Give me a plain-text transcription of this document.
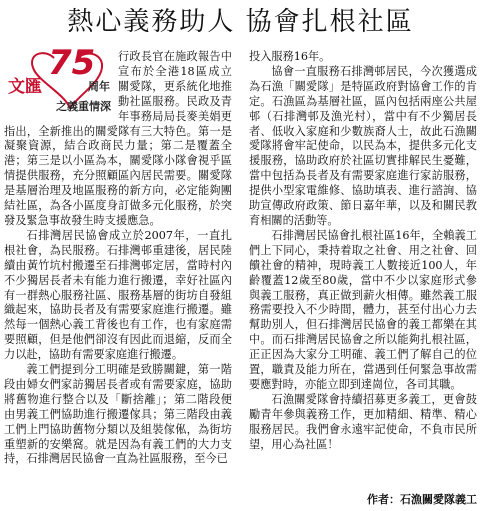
熱心義務助人 協會扎根社區
文匯
75
周年
之義重情深

行政長官在施政報告中宣布於全港18區成立關愛隊，更系統化地推動社區服務。民政及青年事務局局長麥美娟更指出，全新推出的關愛隊有三大特色。第一是凝聚資源，結合政商民力量；第二是覆蓋全港；第三是以小區為本，關愛隊小隊會視乎區情提供服務，充分照顧區內居民需要。關愛隊是基層治理及地區服務的新方向，必定能夠團結社區，為各小區度身訂做多元化服務，於突發及緊急事故發生時支援應急。

石排灣居民協會成立於2007年，一直扎根社會，為民服務。石排灣邨重建後，居民陸續由黃竹坑村搬遷至石排灣邨定居，當時村內不少獨居長者未有能力進行搬遷，幸好社區內有一群熱心服務社區、服務基層的街坊自發組織起來，協助長者及有需要家庭進行搬遷。雖然每一個熱心義工背後也有工作，也有家庭需要照顧，但是他們卻沒有因此而退縮，反而全力以赴，協助有需要家庭進行搬遷。

義工們提到分工明確是致勝關鍵，第一階段由婦女們家訪獨居長者或有需要家庭，協助將舊物進行整合以及「斷捨離」；第二階段便由男義工們協助進行搬遷傢具；第三階段由義工們上門協助舊物分類以及組裝傢俬，為街坊重塑新的安樂窩。就是因為有義工們的大力支持，石排灣居民協會一直為社區服務，至今已

投入服務16年。

協會一直服務石排灣邨居民，今次獲選成為石漁「關愛隊」是特區政府對協會工作的肯定。石漁區為基層社區，區內包括兩座公共屋邨（石排灣邨及漁光村），當中有不少獨居長者、低收入家庭和少數族裔人士，故此石漁關愛隊將會牢記使命，以民為本，提供多元化支援服務，協助政府於社區切實排解民生憂難，當中包括為長者及有需要家庭進行家訪服務，提供小型家電維修、協助填表、進行諮詢、協助宣傳政府政策、節日嘉年華，以及和關民教育相關的活動等。

石排灣居民協會扎根社區16年，全賴義工們上下同心，秉持着取之社會、用之社會、回饋社會的精神，現時義工人數接近100人，年齡覆蓋12歲至80歲，當中不少以家庭形式參與義工服務，真正做到薪火相傳。雖然義工服務需要投入不少時間，體力，甚至付出心力去幫助別人，但石排灣居民協會的義工都樂在其中。而石排灣居民協會之所以能夠扎根社區，正正因為大家分工明確、義工們了解自己的位置，職責及能力所在，當遇到任何緊急事故需要應對時，亦能立即到達崗位，各司其職。

石漁關愛隊會持續招募更多義工，更會鼓勵青年參與義務工作，更加精細、精準、精心服務居民。我們會永遠牢記使命，不負市民所望，用心為社區！

作者：石漁關愛隊義工
